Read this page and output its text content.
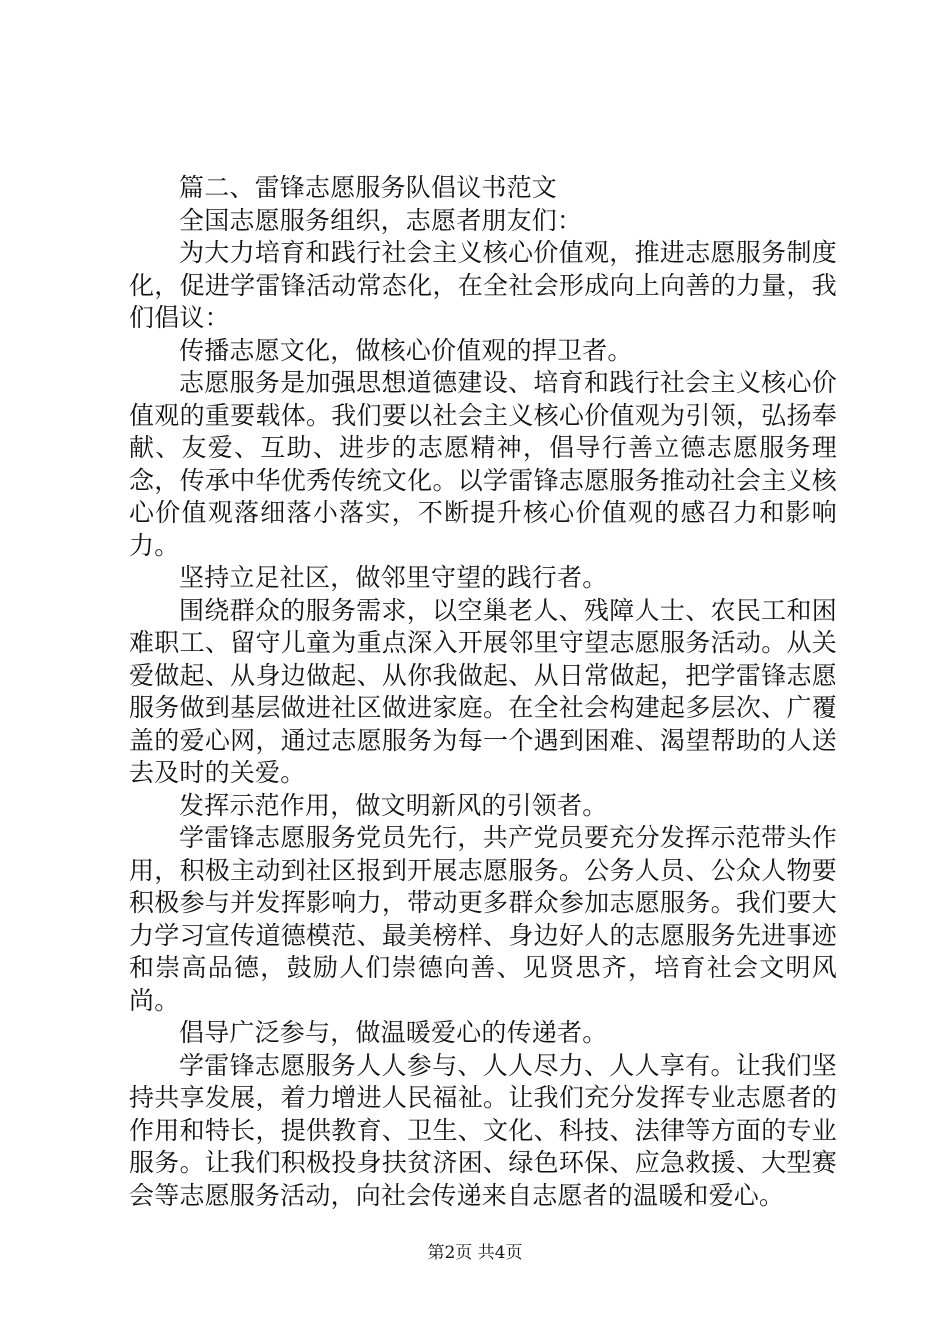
篇二、雷锋志愿服务队倡议书范文

全国志愿服务组织，志愿者朋友们：

为大力培育和践行社会主义核心价值观，推进志愿服务制度化，促进学雷锋活动常态化，在全社会形成向上向善的力量，我们倡议：

传播志愿文化，做核心价值观的捍卫者。

志愿服务是加强思想道德建设、培育和践行社会主义核心价值观的重要载体。我们要以社会主义核心价值观为引领，弘扬奉献、友爱、互助、进步的志愿精神，倡导行善立德志愿服务理念，传承中华优秀传统文化。以学雷锋志愿服务推动社会主义核心价值观落细落小落实，不断提升核心价值观的感召力和影响力。

坚持立足社区，做邻里守望的践行者。

围绕群众的服务需求，以空巢老人、残障人士、农民工和困难职工、留守儿童为重点深入开展邻里守望志愿服务活动。从关爱做起、从身边做起、从你我做起、从日常做起，把学雷锋志愿服务做到基层做进社区做进家庭。在全社会构建起多层次、广覆盖的爱心网，通过志愿服务为每一个遇到困难、渴望帮助的人送去及时的关爱。

发挥示范作用，做文明新风的引领者。

学雷锋志愿服务党员先行，共产党员要充分发挥示范带头作用，积极主动到社区报到开展志愿服务。公务人员、公众人物要积极参与并发挥影响力，带动更多群众参加志愿服务。我们要大力学习宣传道德模范、最美榜样、身边好人的志愿服务先进事迹和崇高品德，鼓励人们崇德向善、见贤思齐，培育社会文明风尚。

倡导广泛参与，做温暖爱心的传递者。

学雷锋志愿服务人人参与、人人尽力、人人享有。让我们坚持共享发展，着力增进人民福祉。让我们充分发挥专业志愿者的作用和特长，提供教育、卫生、文化、科技、法律等方面的专业服务。让我们积极投身扶贫济困、绿色环保、应急救援、大型赛会等志愿服务活动，向社会传递来自志愿者的温暖和爱心。

第2页 共4页
